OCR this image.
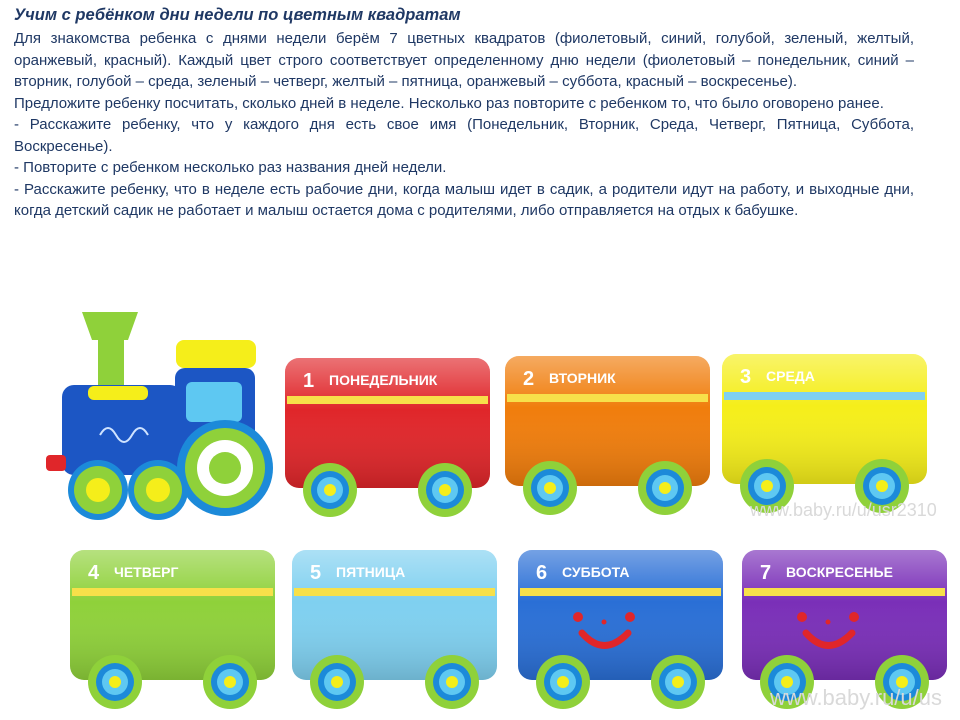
Учим с ребёнком дни недели по цветным квадратам

Для знакомства ребенка с днями недели берём 7 цветных квадратов (фиолетовый, синий, голубой, зеленый, желтый, оранжевый, красный). Каждый цвет строго соответствует определенному дню недели (фиолетовый – понедельник, синий – вторник, голубой – среда, зеленый – четверг, желтый – пятница, оранжевый – суббота, красный – воскресенье).

Предложите ребенку посчитать, сколько дней в неделе. Несколько раз повторите с ребенком то, что было оговорено ранее.

- Расскажите ребенку, что у каждого дня есть свое имя (Понедельник, Вторник, Среда, Четверг, Пятница, Суббота, Воскресенье).

- Повторите с ребенком несколько раз названия дней недели.

- Расскажите ребенку, что в неделе есть рабочие дни, когда малыш идет в садик, а родители идут на работу, и выходные дни, когда детский садик не работает и малыш остается дома с родителями, либо отправляется на отдых к бабушке.

1 ПОНЕДЕЛЬНИК	2 ВТОРНИК	3 СРЕДА
4 ЧЕТВЕРГ	5 ПЯТНИЦА	6 СУББОТА	7 ВОСКРЕСЕНЬЕ
www.baby.ru/u/usr2310
www.baby.ru/u/us
